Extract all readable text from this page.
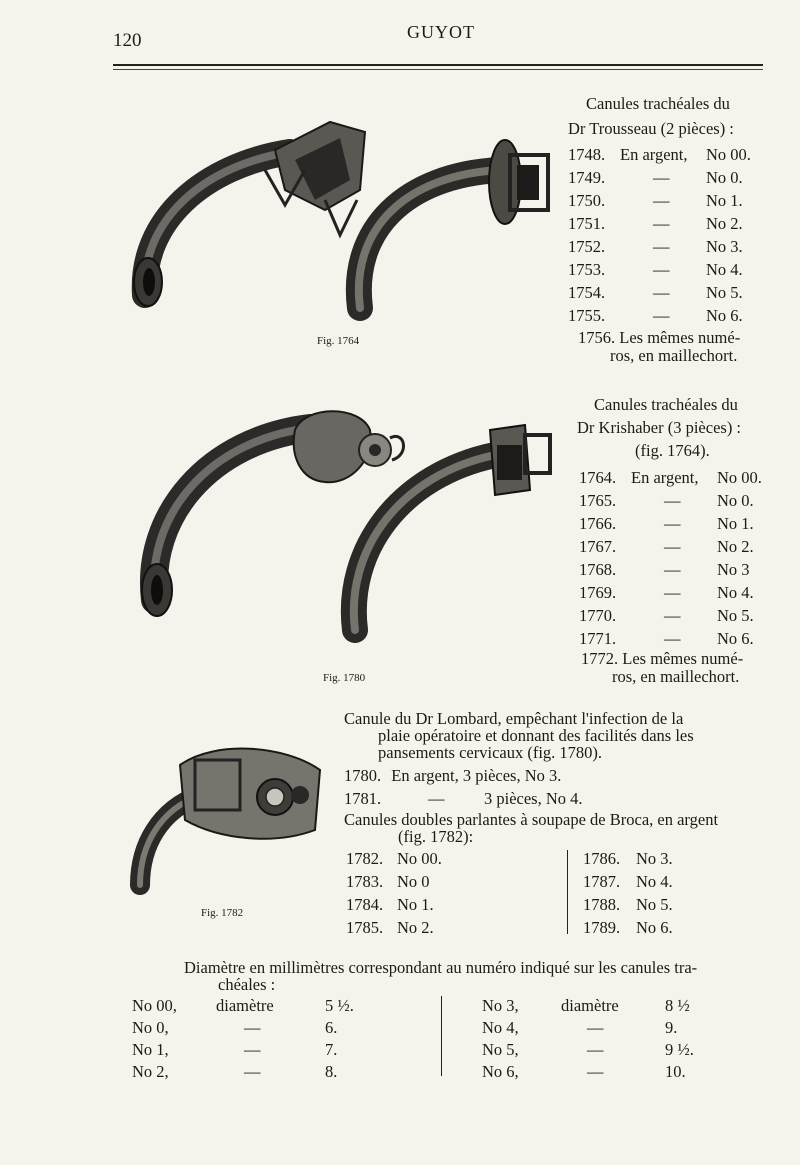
120	GUYOT
Fig. 1764
Canules trachéales du
Dr Trousseau (2 pièces) :
1748. En argent, No 00.
1749.	— No 0.
1750.	— No 1.
1751.	— No 2.
1752.	— No 3.
1753.	— No 4.
1754.	— No 5.
1755.	— No 6.
1756. Les mêmes numé-
ros, en maillechort.
Fig. 1780
Canules trachéales du
Dr Krishaber (3 pièces) :
(fig. 1764).
1764. En argent, No 00.
1765.	— No 0.
1766.	— No 1.
1767.	— No 2.
1768.	— No 3
1769.	— No 4.
1770.	— No 5.
1771.	— No 6.
1772. Les mêmes numé-
ros, en maillechort.
Fig. 1782
Canule du Dr Lombard, empêchant l'infection de la
plaie opératoire et donnant des facilités dans les
pansements cervicaux (fig. 1780).
1780. En argent, 3 pièces, No 3.
1781.	— 3 pièces, No 4.
Canules doubles parlantes à soupape de Broca, en argent
(fig. 1782):
1782. No 00.
1783. No 0
1784. No 1.
1785. No 2.
1786. No 3.
1787. No 4.
1788. No 5.
1789. No 6.
Diamètre en millimètres correspondant au numéro indiqué sur les canules tra-
chéales :
No 00, diamètre	5 ½.
No 0,	—	6.
No 1,	—	7.
No 2,	—	8.
No 3,	diamètre	8 ½
No 4,	—	9.
No 5,	—	9 ½.
No 6,	—	10.
